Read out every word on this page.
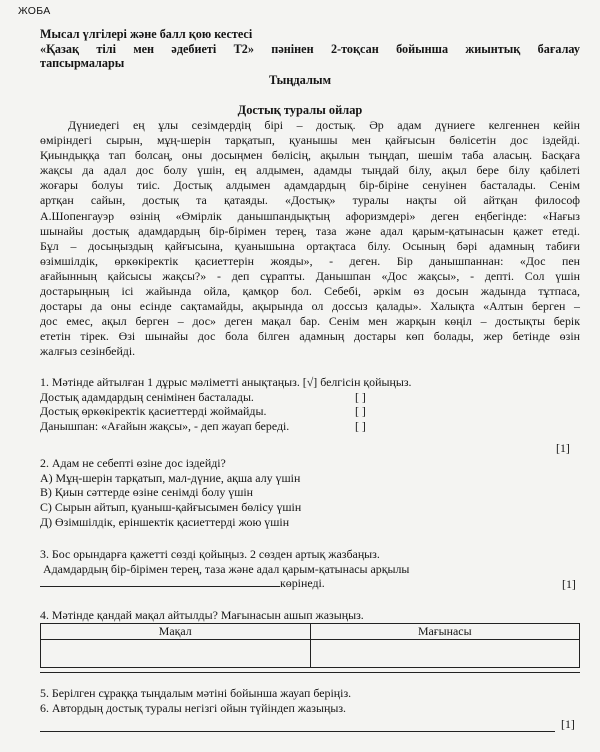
ЖОБА
Мысал үлгілері және балл қою кестесі
«Қазақ тілі мен әдебиеті Т2» пәнінен 2-тоқсан бойынша жиынтық бағалау
тапсырмалары
Тыңдалым
Достық туралы ойлар
Дүниедегі ең ұлы сезімдердің бірі – достық. Әр адам дүниеге келгеннен кейін
өміріндегі сырын, мұң-шерін тарқатып, қуанышы мен қайғысын бөлісетін дос іздейді.
Қиындыққа тап болсаң, оны досыңмен бөлісің, ақылын тыңдап, шешім таба аласың. Басқаға
жақсы да адал дос болу үшін, ең алдымен, адамды тыңдай білу, ақыл бере білу қабілеті
жоғары болуы тиіс. Достық алдымен адамдардың бір-біріне сенуінен басталады. Сенім
артқан сайын, достық та қатаяды. «Достық» туралы нақты ой айтқан философ
А.Шопенгауэр өзінің «Өмірлік данышпандықтың афоризмдері» деген еңбегінде: «Нағыз
шынайы достық адамдардың бір-бірімен терең, таза және адал қарым-қатынасын қажет етеді.
Бұл – досыңыздың қайғысына, қуанышына ортақтаса білу. Осының бәрі адамның табиғи
өзімшілдік, өркөкіректік қасиеттерін жояды», - деген. Бір данышпаннан: «Дос пен
ағайынның қайсысы жақсы?» - деп сұрапты. Данышпан «Дос жақсы», - депті. Сол үшін
достарыңның ісі жайында ойла, қамқор бол. Себебі, әркім өз досын жадында тұтпаса,
достары да оны есінде сақтамайды, ақырында ол доссыз қалады». Халықта «Алтын берген –
дос емес, ақыл берген – дос» деген мақал бар. Сенім мен жарқын көңіл – достықты берік
ететін тірек. Өзі шынайы дос бола білген адамның достары көп болады, жер бетінде өзін
жалғыз сезінбейді.
1. Мәтінде айтылған 1 дұрыс мәліметті анықтаңыз. [√] белгісін қойыңыз.
Достық адамдардың сенімінен басталады.	[ ]
Достық өркөкіректік қасиеттерді жоймайды.	[ ]
Данышпан: «Ағайын жақсы», - деп жауап береді.	[ ]
[1]
2. Адам не себепті өзіне дос іздейді?
А) Мұң-шерін тарқатып, мал-дүние, ақша алу үшін
В) Қиын сәттерде өзіне сенімді болу үшін
С) Сырын айтып, қуаныш-қайғысымен бөлісу үшін
Д) Өзімшілдік, еріншектік қасиеттерді жою үшін
3. Бос орындарға қажетті сөзді қойыңыз. 2 сөзден артық жазбаңыз.
Адамдардың бір-бірімен терең, таза және адал қарым-қатынасы арқылы
көрінеді.	[1]
4. Мәтінде қандай мақал айтылды? Мағынасын ашып жазыңыз.
Мақал	Мағынасы

5. Берілген сұраққа тыңдалым мәтіні бойынша жауап беріңіз.
6. Автордың достық туралы негізгі ойын түйіндеп жазыңыз.
[1]
